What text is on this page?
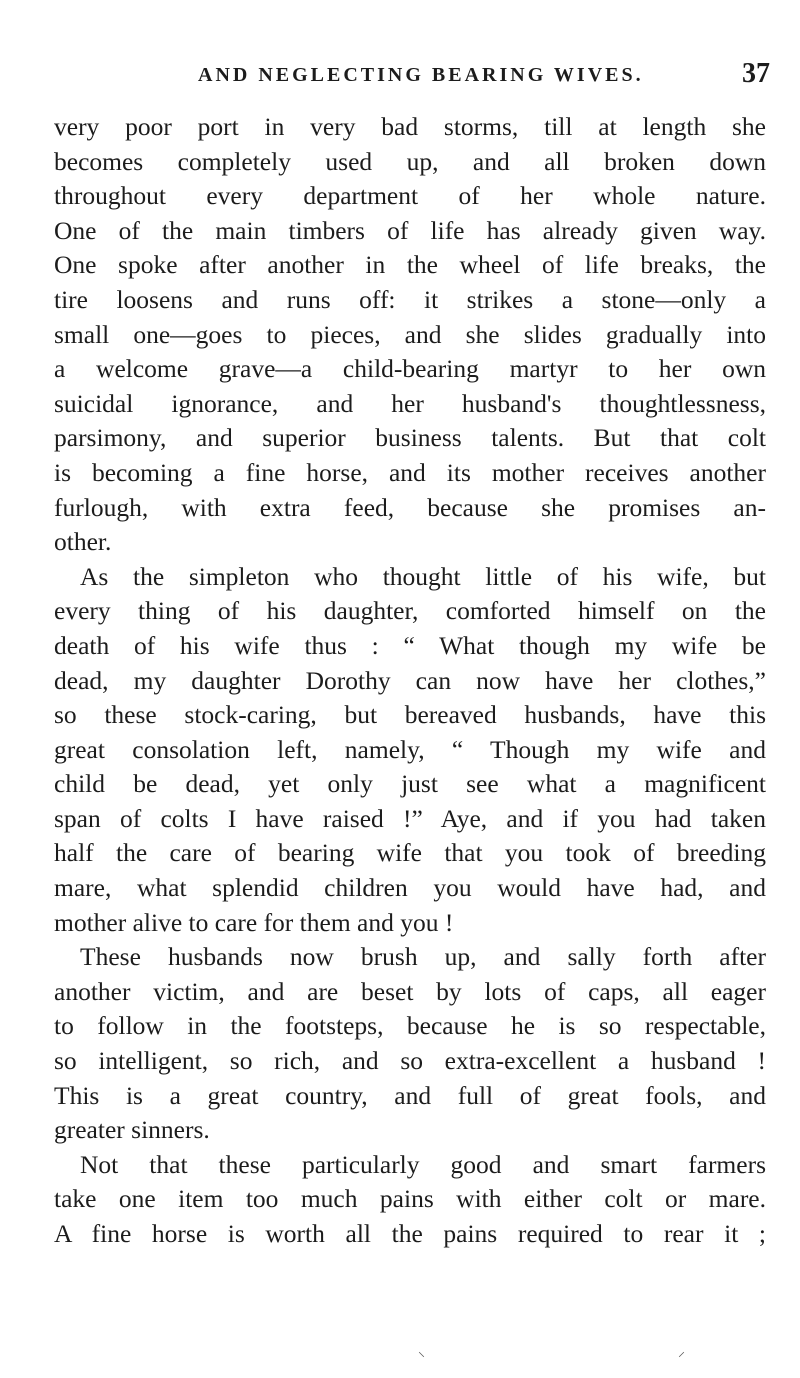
AND NEGLECTING BEARING WIVES.	37
very poor port in very bad storms, till at length she
becomes completely used up, and all broken down
throughout every department of her whole nature.
One of the main timbers of life has already given way.
One spoke after another in the wheel of life breaks, the
tire loosens and runs off: it strikes a stone—only a
small one—goes to pieces, and she slides gradually into
a welcome grave—a child-bearing martyr to her own
suicidal ignorance, and her husband's thoughtlessness,
parsimony, and superior business talents. But that colt
is becoming a fine horse, and its mother receives another
furlough, with extra feed, because she promises an-
other.
As the simpleton who thought little of his wife, but
every thing of his daughter, comforted himself on the
death of his wife thus : “ What though my wife be
dead, my daughter Dorothy can now have her clothes,”
so these stock-caring, but bereaved husbands, have this
great consolation left, namely, “ Though my wife and
child be dead, yet only just see what a magnificent
span of colts I have raised !” Aye, and if you had taken
half the care of bearing wife that you took of breeding
mare, what splendid children you would have had, and
mother alive to care for them and you !
These husbands now brush up, and sally forth after
another victim, and are beset by lots of caps, all eager
to follow in the footsteps, because he is so respectable,
so intelligent, so rich, and so extra-excellent a husband !
This is a great country, and full of great fools, and
greater sinners.
Not that these particularly good and smart farmers
take one item too much pains with either colt or mare.
A fine horse is worth all the pains required to rear it ;
⸜	⸝
